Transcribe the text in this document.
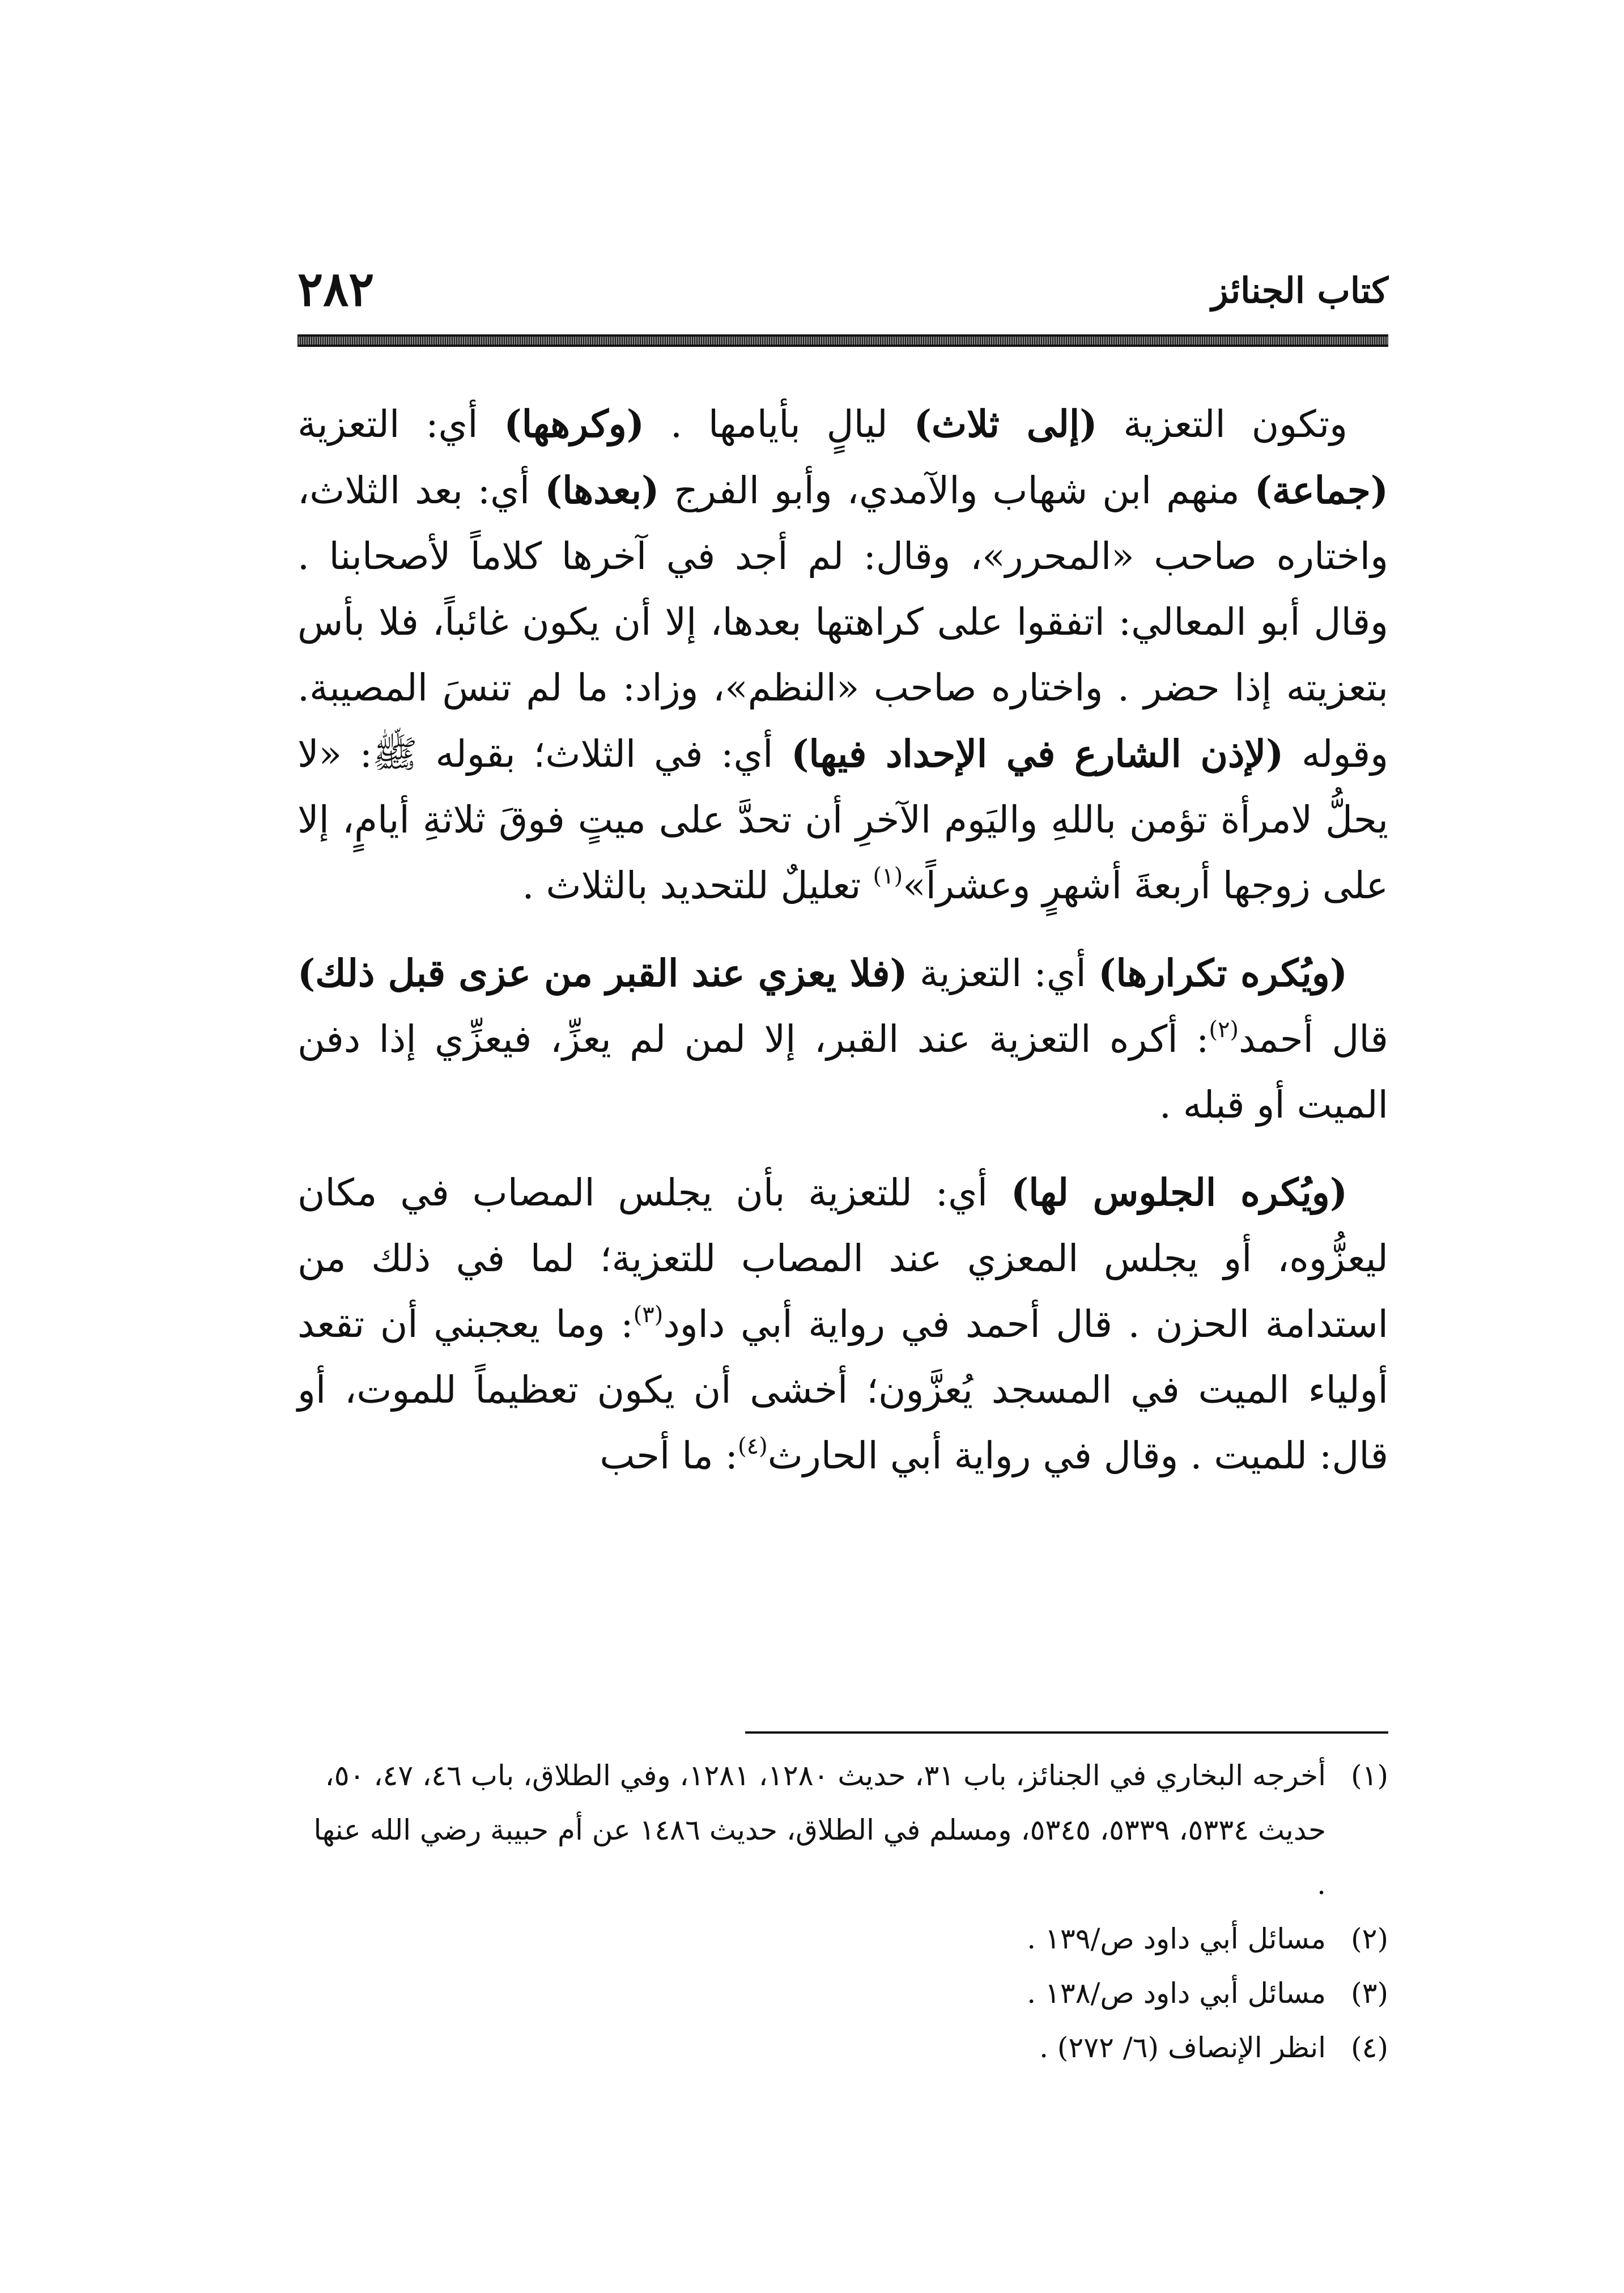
كتاب الجنائز
٢٨٢

وتكون التعزية (إلى ثلاث) ليالٍ بأيامها . (وكرهها) أي: التعزية (جماعة) منهم ابن شهاب والآمدي، وأبو الفرج (بعدها) أي: بعد الثلاث، واختاره صاحب «المحرر»، وقال: لم أجد في آخرها كلاماً لأصحابنا . وقال أبو المعالي: اتفقوا على كراهتها بعدها، إلا أن يكون غائباً، فلا بأس بتعزيته إذا حضر . واختاره صاحب «النظم»، وزاد: ما لم تنسَ المصيبة. وقوله (لإذن الشارع في الإحداد فيها) أي: في الثلاث؛ بقوله ﷺ: «لا يحلُّ لامرأة تؤمن باللهِ واليَوم الآخرِ أن تحدَّ على ميتٍ فوقَ ثلاثةِ أيامٍ، إلا على زوجها أربعةَ أشهرٍ وعشراً»$^{(١)}$ تعليلٌ للتحديد بالثلاث .

(ويُكره تكرارها) أي: التعزية (فلا يعزي عند القبر من عزى قبل ذلك) قال أحمد$^{(٢)}$: أكره التعزية عند القبر، إلا لمن لم يعزِّ، فيعزِّي إذا دفن الميت أو قبله .

(ويُكره الجلوس لها) أي: للتعزية بأن يجلس المصاب في مكان ليعزُّوه، أو يجلس المعزي عند المصاب للتعزية؛ لما في ذلك من استدامة الحزن . قال أحمد في رواية أبي داود$^{(٣)}$: وما يعجبني أن تقعد أولياء الميت في المسجد يُعزَّون؛ أخشى أن يكون تعظيماً للموت، أو قال: للميت . وقال في رواية أبي الحارث$^{(٤)}$: ما أحب

(١)
أخرجه البخاري في الجنائز، باب ٣١، حديث ١٢٨٠، ١٢٨١، وفي الطلاق، باب ٤٦، ٤٧، ٥٠، حديث ٥٣٣٤، ٥٣٣٩، ٥٣٤٥، ومسلم في الطلاق، حديث ١٤٨٦ عن أم حبيبة رضي الله عنها .
(٢)
مسائل أبي داود ص/١٣٩ .
(٣)
مسائل أبي داود ص/١٣٨ .
(٤)
انظر الإنصاف (٦/ ٢٧٢) .
